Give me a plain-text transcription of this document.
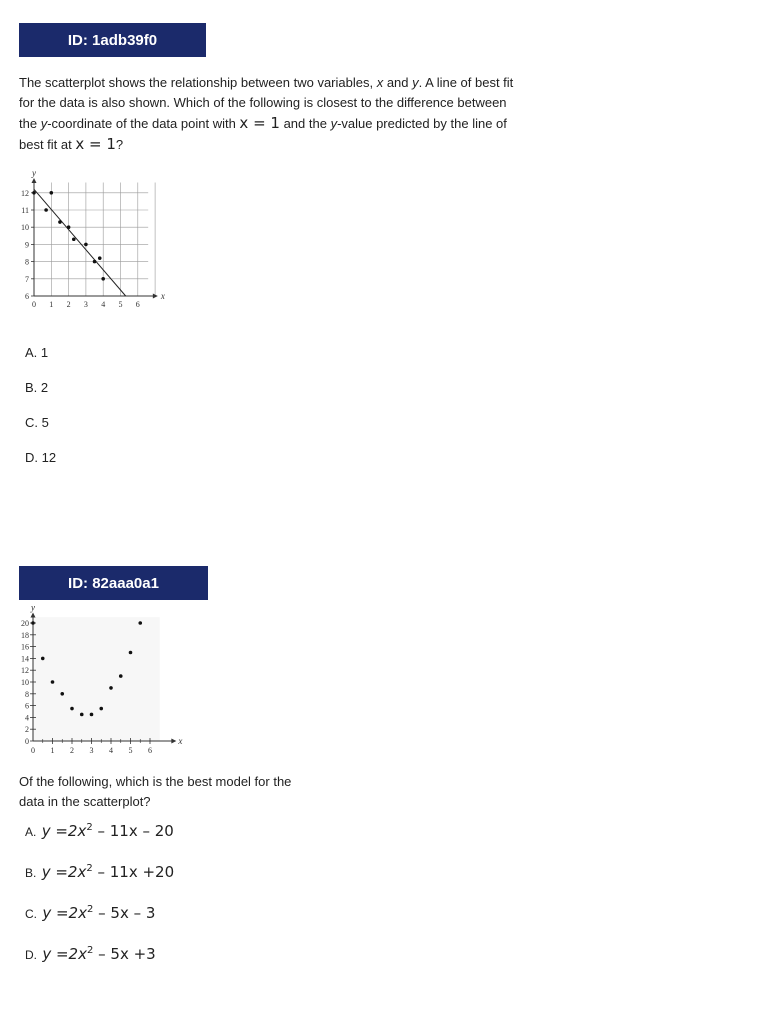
ID: 1adb39f0
The scatterplot shows the relationship between two variables, x and y. A line of best fit for the data is also shown. Which of the following is closest to the difference between the y-coordinate of the data point with x = 1 and the y-value predicted by the line of best fit at x = 1?
x
y
0 1 2 3 4 5 6
6
7
8
9
10
11
12
A. 1
B. 2
C. 5
D. 12
ID: 82aaa0a1
x
y
0 1 2 3 4 5 6
0
2
4
6
8
10
12
14
16
18
20
Of the following, which is the best model for the data in the scatterplot?
A. $y =2x^2 - 11x - 20$
B. $y =2x^2 - 11x +20$
C. $y =2x^2 - 5x - 3$
D. $y =2x^2 - 5x +3$
